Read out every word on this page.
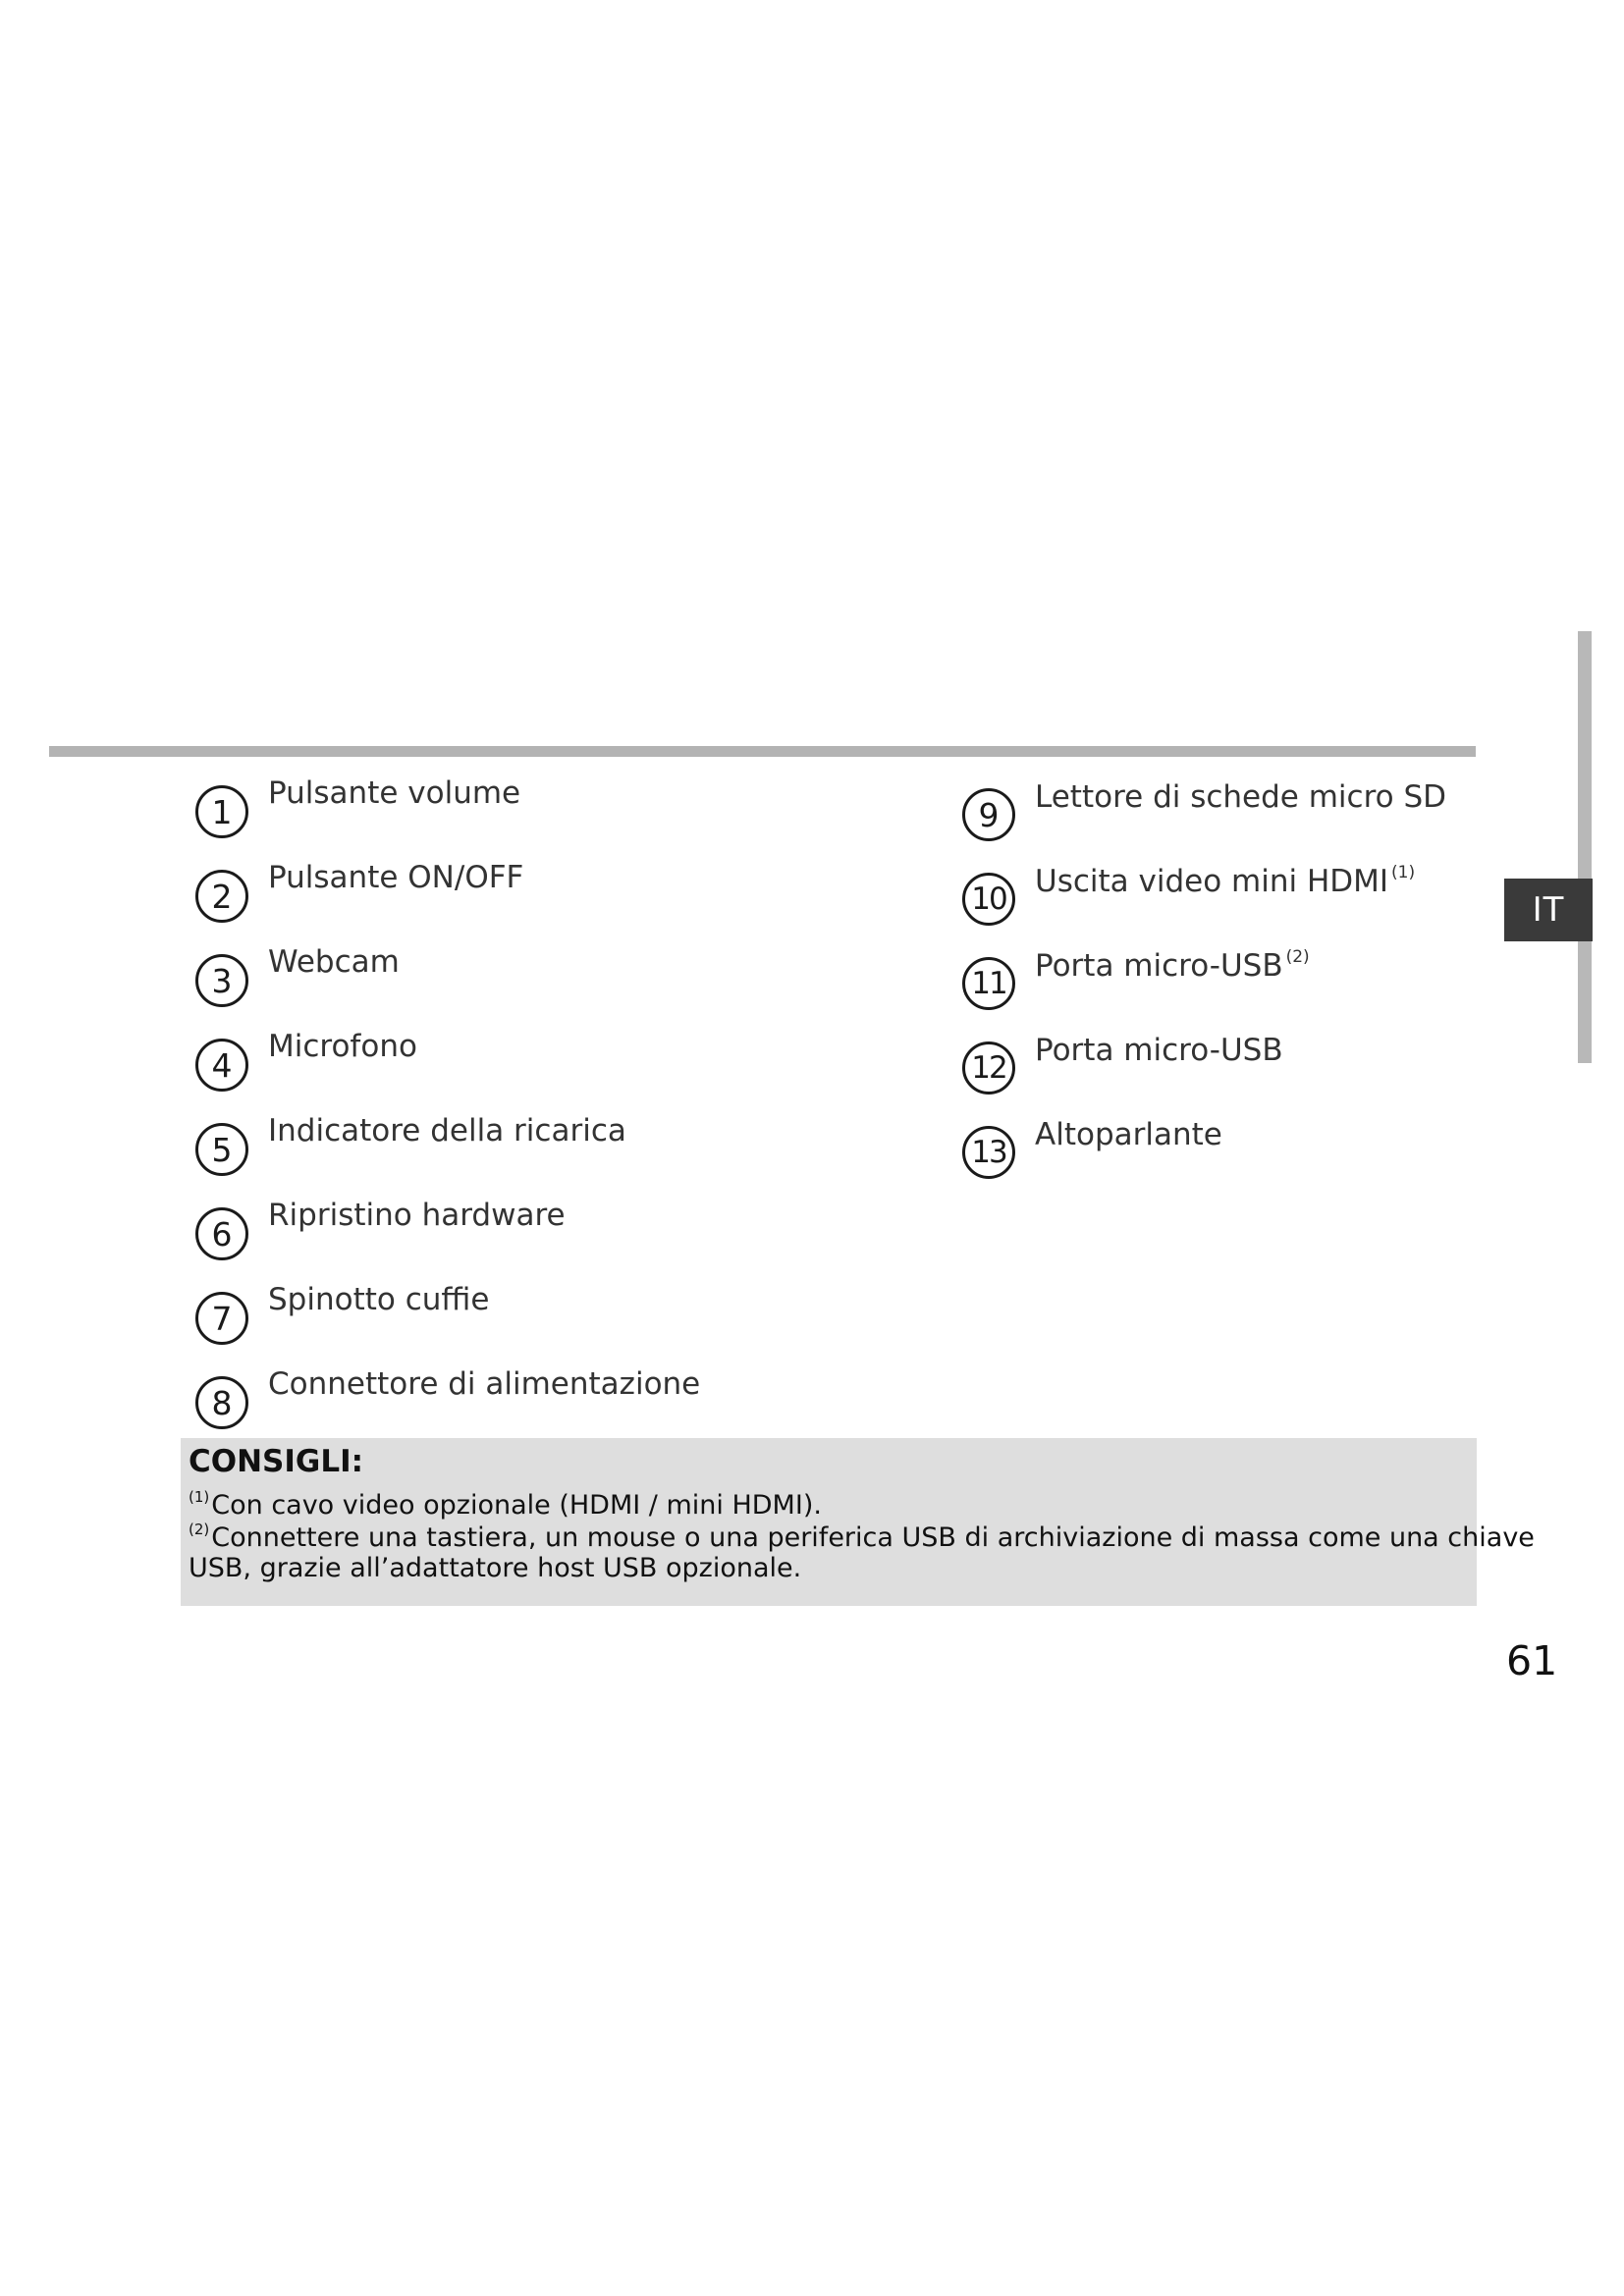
IT
1	Pulsante volume
2	Pulsante ON/OFF
3	Webcam
4	Microfono
5	Indicatore della ricarica
6	Ripristino hardware
7	Spinotto cuffie
8	Connettore di alimentazione
9	Lettore di schede micro SD
10 Uscita video mini HDMI $^{(1)}$
11 Porta micro-USB $^{(2)}$
12 Porta micro-USB
13 Altoparlante
CONSIGLI:
$^{(1)}$Con cavo video opzionale (HDMI / mini HDMI).
$^{(2)}$Connettere una tastiera, un mouse o una periferica USB di archiviazione di massa come una chiave
USB, grazie all’adattatore host USB opzionale.
61
